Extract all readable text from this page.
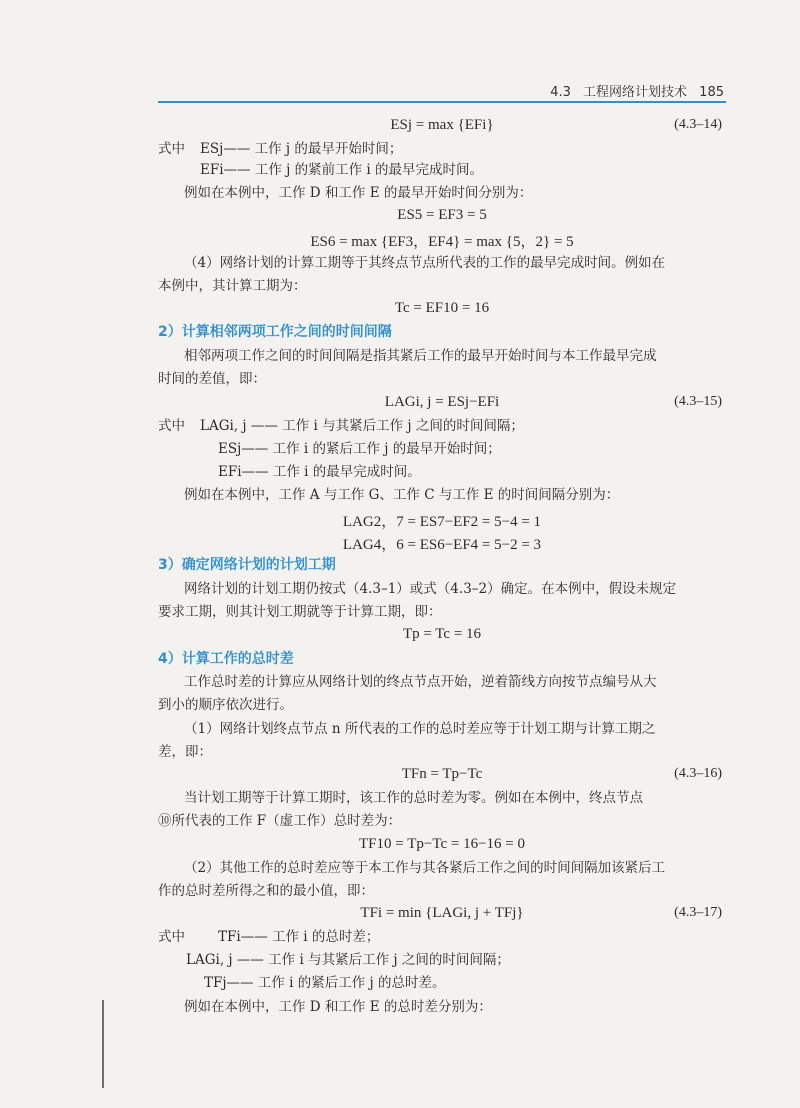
4.3 工程网络计划技术 185
ESj = max {EFi}	(4.3–14)
式中 ESj—— 工作 j 的最早开始时间；
EFi—— 工作 j 的紧前工作 i 的最早完成时间。
例如在本例中，工作 D 和工作 E 的最早开始时间分别为：
ES5 = EF3 = 5
ES6 = max {EF3，EF4} = max {5，2} = 5
（4）网络计划的计算工期等于其终点节点所代表的工作的最早完成时间。例如在
本例中，其计算工期为：
Tc = EF10 = 16
2）计算相邻两项工作之间的时间间隔
相邻两项工作之间的时间间隔是指其紧后工作的最早开始时间与本工作最早完成
时间的差值，即：
LAGi, j = ESj−EFi	(4.3–15)
式中 LAGi, j —— 工作 i 与其紧后工作 j 之间的时间间隔；
ESj—— 工作 i 的紧后工作 j 的最早开始时间；
EFi—— 工作 i 的最早完成时间。
例如在本例中，工作 A 与工作 G、工作 C 与工作 E 的时间间隔分别为：
LAG2，7 = ES7−EF2 = 5−4 = 1
LAG4，6 = ES6−EF4 = 5−2 = 3
3）确定网络计划的计划工期
网络计划的计划工期仍按式（4.3–1）或式（4.3–2）确定。在本例中，假设未规定
要求工期，则其计划工期就等于计算工期，即：
Tp = Tc = 16
4）计算工作的总时差
工作总时差的计算应从网络计划的终点节点开始，逆着箭线方向按节点编号从大
到小的顺序依次进行。
（1）网络计划终点节点 n 所代表的工作的总时差应等于计划工期与计算工期之
差，即：
TFn = Tp−Tc	(4.3–16)
当计划工期等于计算工期时，该工作的总时差为零。例如在本例中，终点节点
⑩所代表的工作 F（虚工作）总时差为：
TF10 = Tp−Tc = 16−16 = 0
（2）其他工作的总时差应等于本工作与其各紧后工作之间的时间间隔加该紧后工
作的总时差所得之和的最小值，即：
TFi = min {LAGi, j + TFj}	(4.3–17)
式中 TFi—— 工作 i 的总时差；
LAGi, j —— 工作 i 与其紧后工作 j 之间的时间间隔；
TFj—— 工作 i 的紧后工作 j 的总时差。
例如在本例中，工作 D 和工作 E 的总时差分别为：
